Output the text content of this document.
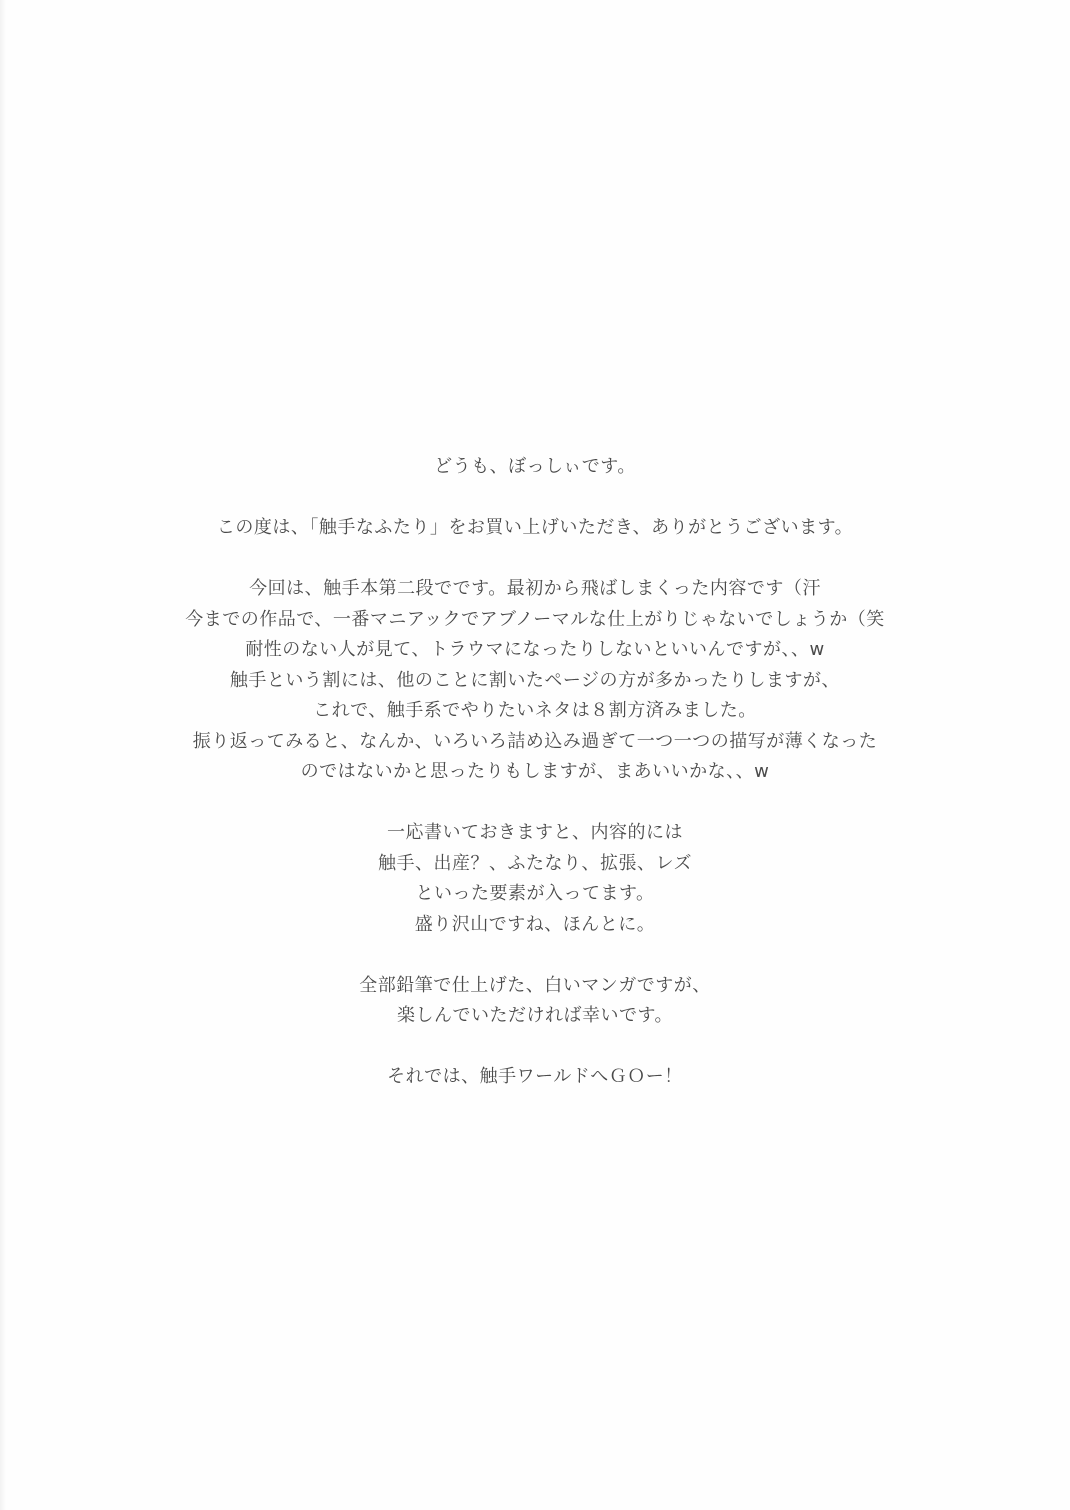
どうも、ぼっしぃです。

この度は、「触手なふたり」をお買い上げいただき、ありがとうございます。

今回は、触手本第二段でです。最初から飛ばしまくった内容です（汗
今までの作品で、一番マニアックでアブノーマルな仕上がりじゃないでしょうか（笑
耐性のない人が見て、トラウマになったりしないといいんですが、、w
触手という割には、他のことに割いたページの方が多かったりしますが、
これで、触手系でやりたいネタは８割方済みました。
振り返ってみると、なんか、いろいろ詰め込み過ぎて一つ一つの描写が薄くなった
のではないかと思ったりもしますが、まあいいかな、、w

一応書いておきますと、内容的には
触手、出産？、ふたなり、拡張、レズ
といった要素が入ってます。
盛り沢山ですね、ほんとに。

全部鉛筆で仕上げた、白いマンガですが、
楽しんでいただければ幸いです。

それでは、触手ワールドへＧＯー！
